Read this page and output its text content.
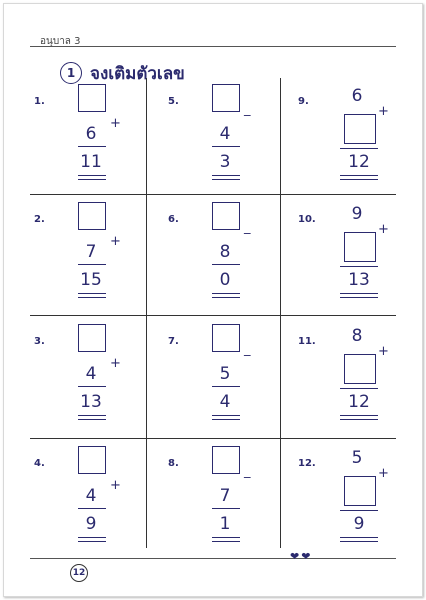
อนุบาล 3
1 จงเติมตัวเลข
1.
+
6
11
2.
+
7
15
3.
+
4
13
4.
+
4
9
5.
_
4
3
6.
_
8
0
7.
_
5
4
8.
_
7
1
9.	6
+
12
10.	9
+
13
11.	8
+
12
12.	5
+
9
12
❤❤
